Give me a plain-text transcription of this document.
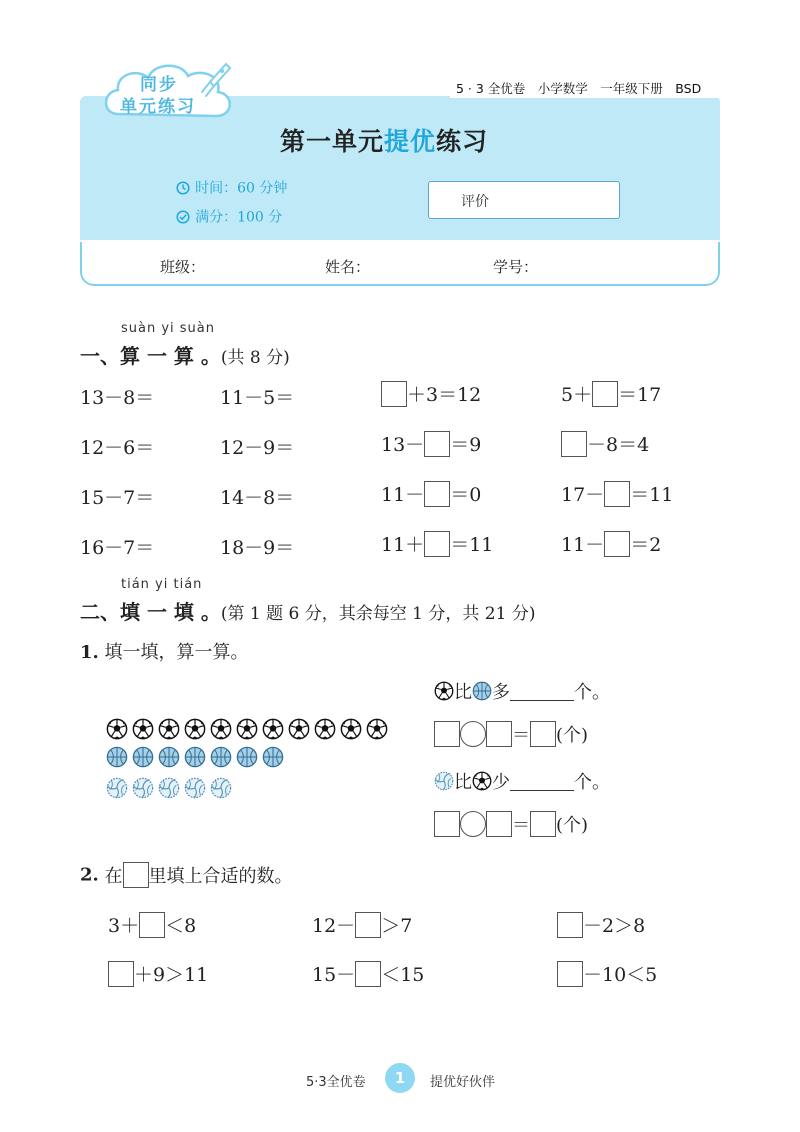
同步
单元练习
5 · 3 全优卷　小学数学　一年级下册　BSD
第一单元提优练习
时间：60 分钟
满分：100 分
评价
班级：	姓名：	学号：
suàn yi suàn
一、算 一 算 。(共 8 分)
13－8＝	11－5＝	＋3＝12	5＋ ＝17
12－6＝	12－9＝	13－ ＝9	－8＝4
15－7＝	14－8＝	11－ ＝0	17－ ＝11
16－7＝	18－9＝	11＋ ＝11	11－ ＝2
tián yi tián
二、填 一 填 。(第 1 题 6 分，其余每空 1 分，共 21 分)
1. 填一填，算一算。
比 多	个。
＝ (个)
比 少	个。
＝ (个)
2. 在 里填上合适的数。
3＋ ＜8	12－ ＞7	－2＞8
＋9＞11	15－ ＜15	－10＜5
5·3全优卷	1	提优好伙伴
